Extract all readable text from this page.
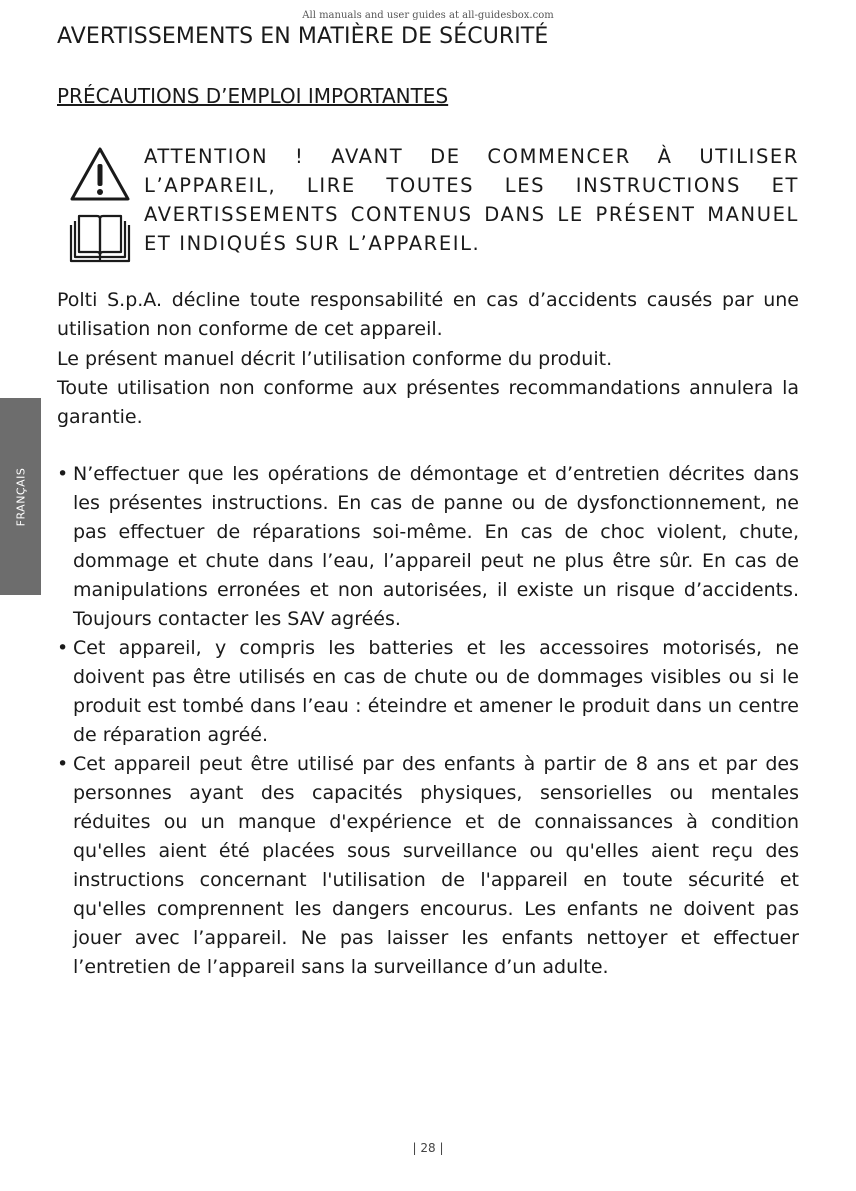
All manuals and user guides at all-guidesbox.com
FRANÇAIS
AVERTISSEMENTS EN MATIÈRE DE SÉCURITÉ
PRÉCAUTIONS D’EMPLOI IMPORTANTES

ATTENTION ! AVANT DE COMMENCER À UTILISER L’APPAREIL, LIRE TOUTES LES INSTRUCTIONS ET AVERTISSEMENTS CONTENUS DANS LE PRÉSENT MANUEL ET INDIQUÉS SUR L’APPAREIL.

Polti S.p.A. décline toute responsabilité en cas d’accidents causés par une utilisation non conforme de cet appareil.

Le présent manuel décrit l’utilisation conforme du produit.

Toute utilisation non conforme aux présentes recommandations annulera la garantie.

• N’effectuer que les opérations de démontage et d’entretien décrites dans les présentes instructions. En cas de panne ou de dysfonctionnement, ne pas effectuer de réparations soi-même. En cas de choc violent, chute, dommage et chute dans l’eau, l’appareil peut ne plus être sûr. En cas de manipulations erronées et non autorisées, il existe un risque d’accidents. Toujours contacter les SAV agréés.
• Cet appareil, y compris les batteries et les accessoires motorisés, ne doivent pas être utilisés en cas de chute ou de dommages visibles ou si le produit est tombé dans l’eau : éteindre et amener le produit dans un centre de réparation agréé.
• Cet appareil peut être utilisé par des enfants à partir de 8 ans et par des personnes ayant des capacités physiques, sensorielles ou mentales réduites ou un manque d'expérience et de connaissances à condition qu'elles aient été placées sous surveillance ou qu'elles aient reçu des instructions concernant l'utilisation de l'appareil en toute sécurité et qu'elles comprennent les dangers encourus. Les enfants ne doivent pas jouer avec l’appareil. Ne pas laisser les enfants nettoyer et effectuer l’entretien de l’appareil sans la surveillance d’un adulte.
| 28 |
